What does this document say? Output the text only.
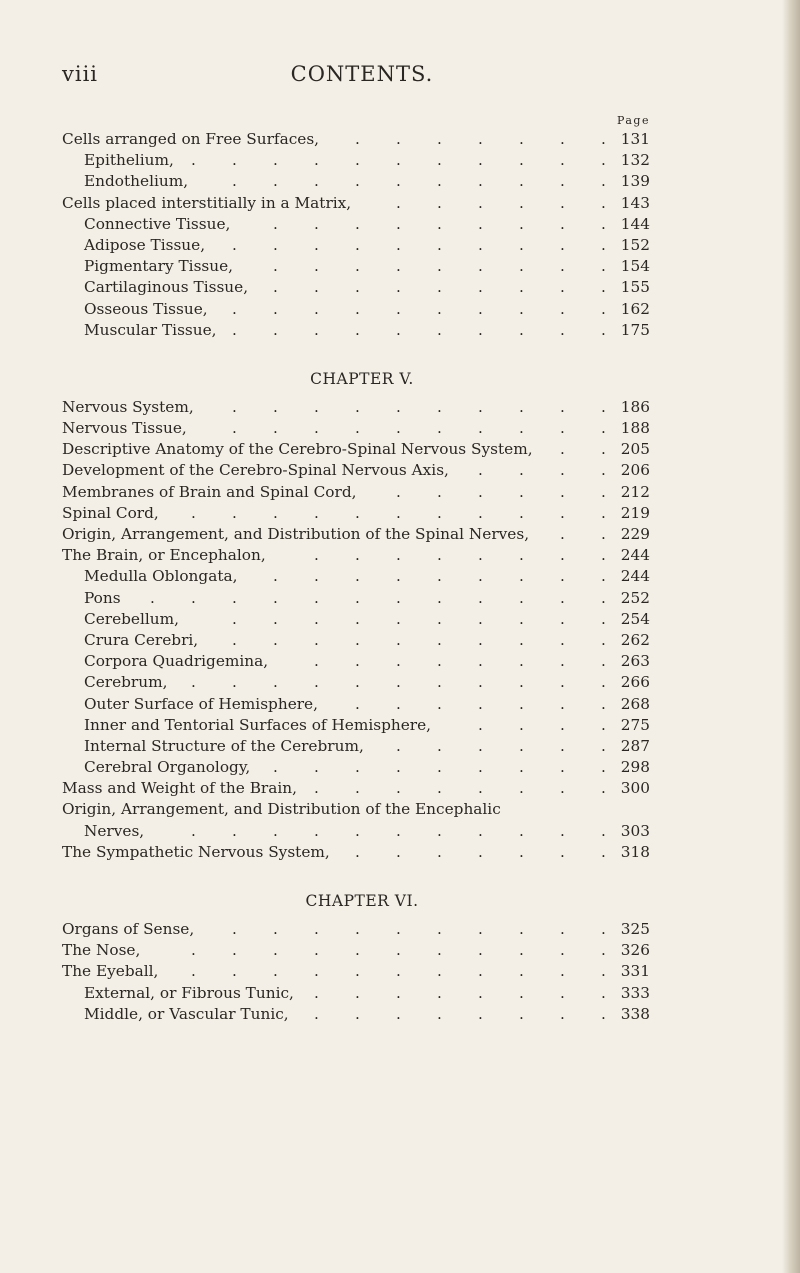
viii	CONTENTS.
Page
Cells arranged on Free Surfaces,	131
.
.
.
.
.
.
.
Epithelium,	132
.
.
.
.
.
.
.
.
.
.
.
Endothelium,	139
.
.
.
.
.
.
.
.
.
.
Cells placed interstitially in a Matrix,	143
.
.
.
.
.
.
Connective Tissue,	144
.
.
.
.
.
.
.
.
.
Adipose Tissue,	152
.
.
.
.
.
.
.
.
.
.
Pigmentary Tissue,	154
.
.
.
.
.
.
.
.
.
Cartilaginous Tissue,	155
.
.
.
.
.
.
.
.
.
Osseous Tissue,	162
.
.
.
.
.
.
.
.
.
.
Muscular Tissue,	175
.
.
.
.
.
.
.
.
.
.
CHAPTER V.
Nervous System,	186
.
.
.
.
.
.
.
.
.
.
Nervous Tissue,	188
.
.
.
.
.
.
.
.
.
.
Descriptive Anatomy of the Cerebro-Spinal Nervous System,	205
.
.
Development of the Cerebro-Spinal Nervous Axis,	206
.
.
.
.
Membranes of Brain and Spinal Cord,	212
.
.
.
.
.
.
Spinal Cord,	219
.
.
.
.
.
.
.
.
.
.
.
Origin, Arrangement, and Distribution of the Spinal Nerves,	229
.
.
The Brain, or Encephalon,	244
.
.
.
.
.
.
.
.
Medulla Oblongata,	244
.
.
.
.
.
.
.
.
.
Pons	252
.
.
.
.
.
.
.
.
.
.
.
.
Cerebellum,	254
.
.
.
.
.
.
.
.
.
.
Crura Cerebri,	262
.
.
.
.
.
.
.
.
.
.
Corpora Quadrigemina,	263
.
.
.
.
.
.
.
.
Cerebrum,	266
.
.
.
.
.
.
.
.
.
.
.
Outer Surface of Hemisphere,	268
.
.
.
.
.
.
.
Inner and Tentorial Surfaces of Hemisphere,	275
.
.
.
.
Internal Structure of the Cerebrum,	287
.
.
.
.
.
.
Cerebral Organology,	298
.
.
.
.
.
.
.
.
.
Mass and Weight of the Brain,	300
.
.
.
.
.
.
.
.
Origin, Arrangement, and Distribution of the Encephalic
Nerves,	303
.
.
.
.
.
.
.
.
.
.
.
The Sympathetic Nervous System,	318
.
.
.
.
.
.
.
CHAPTER VI.
Organs of Sense,	325
.
.
.
.
.
.
.
.
.
.
The Nose,	326
.
.
.
.
.
.
.
.
.
.
.
The Eyeball,	331
.
.
.
.
.
.
.
.
.
.
.
External, or Fibrous Tunic,	333
.
.
.
.
.
.
.
.
Middle, or Vascular Tunic,	338
.
.
.
.
.
.
.
.
